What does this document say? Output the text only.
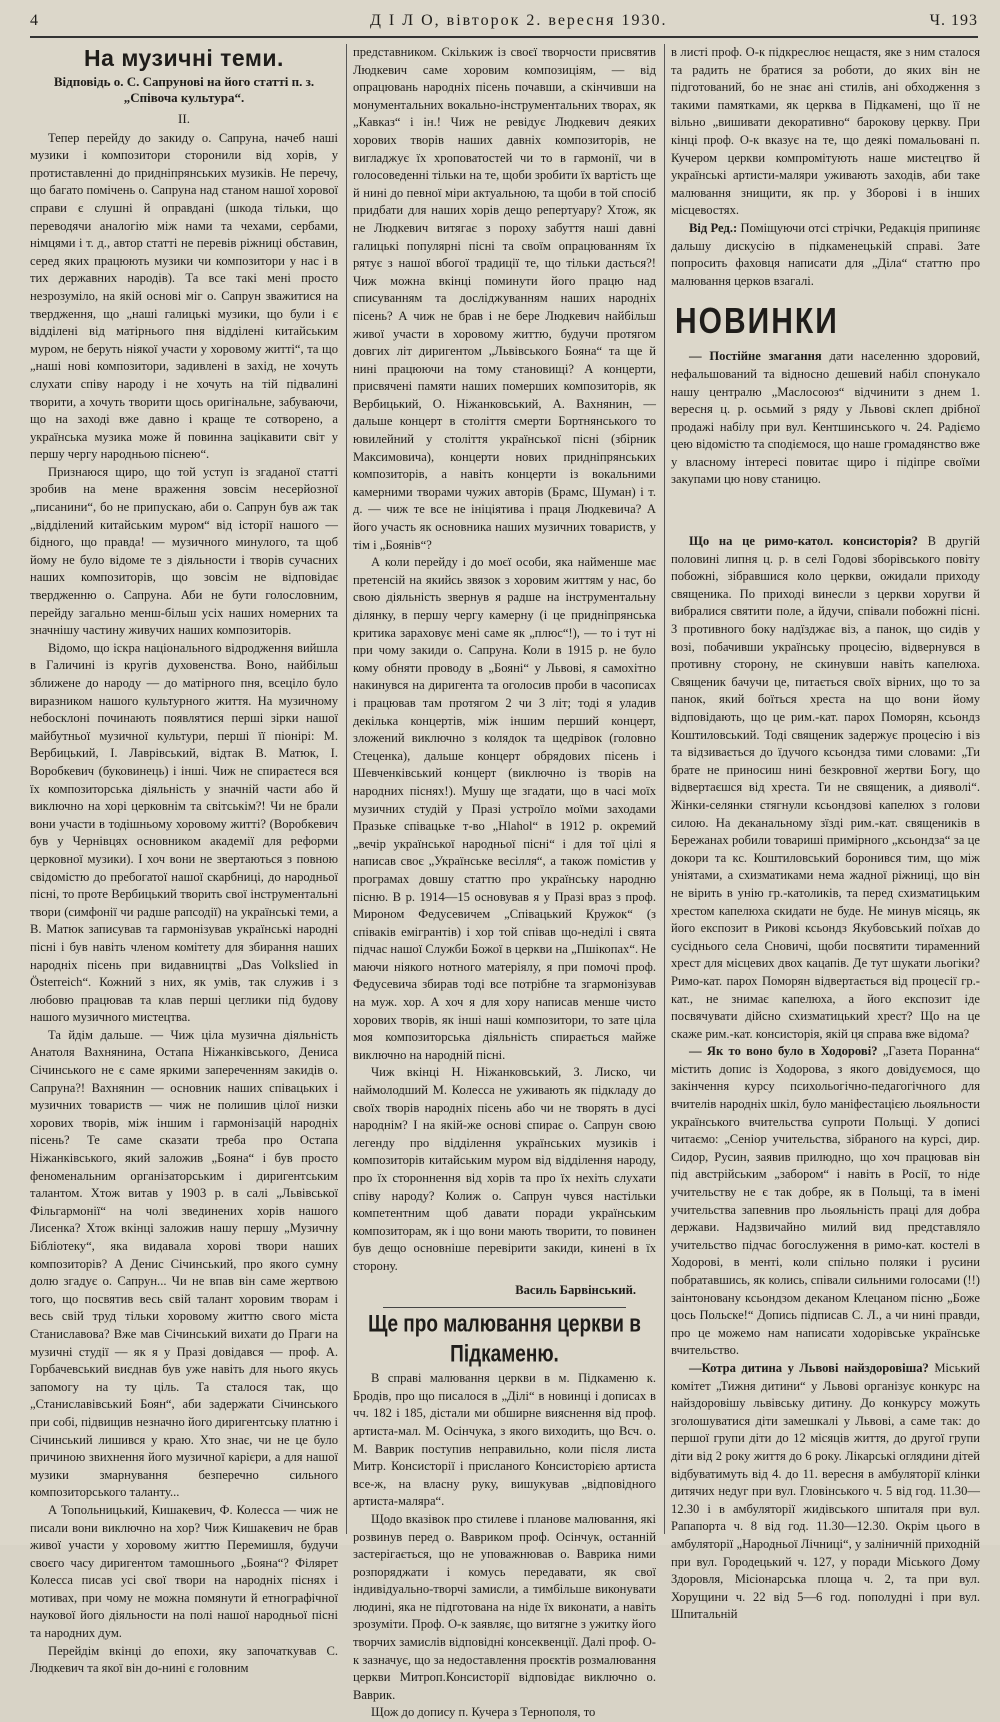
4	Д І Л О, вівторок 2. вересня 1930.	Ч. 193
На музичні теми.

Відповідь о. С. Сапрунові на його статті п. з. „Співоча культура“.

II.

Тепер перейду до закиду о. Сапруна, начеб наші музики і композитори сторонили від хорів, у протиставленні до придніпрянських музиків. Не перечу, що багато помічень о. Сапруна над станом нашої хорової справи є слушні й оправдані (шкода тільки, що переводячи аналогію між нами та чехами, сербами, німцями і т. д., автор статті не перевів ріжниці обставин, серед яких працюють музики чи композитори у нас і в тих державних народів). Та все такі мені просто незрозуміло, на якій основі міг о. Сапрун зважитися на твердження, що „наші галицькі музики, що були і є відділені від матірнього пня відділені китайським муром, не беруть ніякої участи у хоровому житті“, та що „наші нові композитори, задивлені в захід, не хочуть слухати співу народу і не хочуть на тій підвалині творити, а хочуть творити щось оригінальне, забуваючи, що на заході вже давно і краще те сотворено, а українська музика може й повинна зацікавити світ у першу чергу народньою піснею“.

Признаюся щиро, що той уступ із згаданої статті зробив на мене враження зовсім несерйозної „писанини“, бо не припускаю, аби о. Сапрун був аж так „відділений китайським муром“ від історії нашого — бідного, що правда! — музичного минулого, та щоб йому не було відоме те з діяльности і творів сучасних наших композиторів, що зовсім не відповідає твердженню о. Сапруна. Аби не бути голословним, перейду загально менш-більш усіх наших номерних та значнішу частину живучих наших композиторів.

Відомо, що іскра національного відродження вийшла в Галичині із кругів духовенства. Воно, найбільш зближене до народу — до матірного пня, всецілo було виразником нашого культурного життя. На музичному небосклоні починають появлятися перші зірки нашої майбутньої музичної культури, перші її піонірі: М. Вербицький, І. Лаврівський, відтак В. Матюк, І. Воробкевич (буковинець) і інші. Чиж не спираєтеся вся їх композиторська діяльність у значній части або й виключно на хорі церковнім та світськім?! Чи не брали вони участи в тодішньому хоровому житті? (Воробкевич був у Чернівцях основником академії для реформи церковної музики). І хоч вони не звертаються з повною свідомістю до пребогатої нашої скарбниці, до народньої пісні, то проте Вербицький творить свої інструментальні твори (симфонії чи радше рапсодії) на українські теми, а В. Матюк записував та гармонізував українські народні пісні і був навіть членом комітету для збирання наших народніх пісень при видавництві „Das Volkslied in Österreich“. Кожний з них, як умів, так служив і з любовю працював та клав перші цеглики під будову нашого музичного мистецтва.

Та йдім дальше. — Чиж ціла музична діяльність Анатоля Вахнянина, Остапа Ніжанківського, Дениса Січинського не є саме яркими запереченням закидів о. Сапруна?! Вахнянин — основник наших співацьких і музичних товариств — чиж не полишив цілої низки хорових творів, між іншим і гармонізацій народніх пісень? Те саме сказати треба про Остапа Ніжанківського, який заложив „Бояна“ і був просто феноменальним організаторським і диригентським талантом. Хтож витав у 1903 р. в салі „Львівської Фільгармонії“ на чолі звединених хорів нашого Лисенка? Хтож вкінці заложив нашу першу „Музичну Бібліотеку“, яка видавала хорові твори наших композиторів? А Денис Січинський, про якого сумну долю згадує о. Сапрун... Чи не впав він саме жертвою того, що посвятив весь свій талант хоровим творам і весь свій труд тільки хоровому життю свого міста Станиславова? Вже мав Січинський вихати до Праги на музичні студії — як я у Празі довідався — проф. А. Горбачевський виєднав був уже навіть для нього якусь запомогу на ту ціль. Та сталося так, що „Станиславівський Боян“, аби задержати Січинського при собі, підвищив незначно його диригентську платню і Січинський лишився у краю. Хто знає, чи не це було причиною звихнення його музичної карієри, а для нашої музики змарнування безперечно сильного композиторського таланту...

А Топольницький, Кишакевич, Ф. Колесса — чиж не писали вони виключно на хор? Чиж Кишакевич не брав живої участи у хоровому життю Перемишля, будучи своєго часу диригентом тамошнього „Бояна“? Філярет Колесса писав усі свої твори на народніх піснях і мотивах, при чому не можна помянути й етнографічної наукової його діяльности на полі нашої народньої пісні та народних дум.

Перейдім вкінці до епохи, яку започаткував С. Людкевич та якої він до-нині є головним

представником. Скількиж із своєї творчости присвятив Людкевич саме хоровим композиціям, — від опрацювань народніх пісень почавши, а скінчивши на монументальних вокально-інструментальних творах, як „Кавказ“ і ін.! Чиж не ревідує Людкевич деяких хорових творів наших давніх композиторів, не вигладжує їх хроповатостей чи то в гармонії, чи в голосоведенні тільки на те, щоби зробити їх вартість ще й нині до певної міри актуальною, та щоби в той спосіб придбати для наших хорів дещо репертуару? Хтож, як не Людкевич витягає з пороху забуття наші давні галицькі популярні пісні та своїм опрацюванням їх рятує з нашої вбогої традиції те, що тільки дасться?! Чиж можна вкінці поминути його працю над списуванням та досліджуванням наших народніх пісень? А чиж не брав і не бере Людкевич найбільш живої участи в хоровому життю, будучи протягом довгих літ диригентом „Львівського Бояна“ та ще й нині працюючи на тому становищі? А концерти, присвячені памяти наших померших композиторів, як Вербицький, О. Ніжанковський, А. Вахнянин, — дальше концерт в століття смерти Бортнянського то ювилейний у століття української пісні (збірник Максимовича), концерти нових придніпрянських композиторів, а навіть концерти із вокальними камерними творами чужих авторів (Брамс, Шуман) і т. д. — чиж те все не ініціятива і праця Людкевича? А його участь як основника наших музичних товариств, у тім і „Боянів“?

А коли перейду і до моєї особи, яка найменше має претенсій на якийсь звязок з хоровим життям у нас, бо свою діяльність звернув я радше на інструментальну ділянку, в першу чергу камерну (і це придніпрянська критика зараховує мені саме як „плюс“!), — то і тут ні при чому закиди о. Сапруна. Коли в 1915 р. не було кому обняти проводу в „Бояні“ у Львові, я самохітно накинувся на диригента та оголосив проби в часописах і працював там протягом 2 чи 3 літ; тоді я уладив декілька концертів, між іншим перший концерт, зложений виключно з колядок та щедрівок (головно Стеценка), дальше концерт обрядових пісень і Шевченківський концерт (виключно із творів на народних піснях!). Мушу ще згадати, що в часі моїх музичних студій у Празі устроїло моїми заходами Празьке співацьке т-во „Hlahol“ в 1912 р. окремий „вечір української народньої пісні“ і для тої цілі я написав своє „Українське весілля“, а також помістив у програмах довшу статтю про українську народню пісню. В р. 1914—15 основував я у Празі враз з проф. Мироном Федусевичем „Співацький Кружок“ (з співаків емігрантів) і хор той співав що-неділі і свята підчас нашої Служби Божої в церкви на „Пшікопах“. Не маючи ніякого нотного матеріялу, я при помочі проф. Федусевича збирав тоді все потрібне та згармонізував на муж. хор. А хоч я для хору написав менше чисто хорових творів, як інші наші композитори, то зате ціла моя композиторська діяльність спирається майже виключно на народній пісні.

Чиж вкінці Н. Ніжанковський, З. Лиско, чи наймолодший М. Колесса не уживають як підкладу до своїх творів народніх пісень або чи не творять в дусі народнім? І на якій-же основі спирає о. Сапрун свою легенду про відділення українських музиків і композиторів китайським муром від відділення народу, про їх стороннення від хорів та про їх нехіть слухати співу народу? Колиж о. Сапрун чувся настільки компетентним щоб давати поради українським композиторам, як і що вони мають творити, то повинен був дещо основніше перевірити закиди, кинені в їх сторону.

Василь Барвінський.

Ще про малювання церкви в Підкаменю.

В справі малювання церкви в м. Підкаменю к. Бродів, про що писалося в „Ділі“ в новинці і дописах в чч. 182 і 185, дістали ми обширне вияснення від проф. артиста-мал. М. Осінчука, з якого виходить, що Всч. о. М. Ваврик поступив неправильно, коли після листа Митр. Консисторії і присланого Консисторією артиста все-ж, на власну руку, вишукував „відповідного артиста-маляра“.

Щодо вказівок про стилеве і планове малювання, які розвинув перед о. Вавриком проф. Осінчук, останній застерігається, що не уповажнював о. Ваврика ними розпоряджати і комусь передавати, як свої індивідуально-творчі замисли, а тимбільше виконувати людині, яка не підготована на ніде їх виконати, а навіть зрозуміти. Проф. О-к заявляє, що витягне з ужитку його творчих замислів відповідні консеквенції. Далі проф. О-к зазначує, що за недоставлення проєктів розмалювання церкви Митроп.Консисторії відповідає виключно о. Ваврик.

Щож до допису п. Кучера з Тернополя, то

в листі проф. О-к підкреслює нещастя, яке з ним сталося та радить не братися за роботи, до яких він не підготований, бо не знає ані стилів, ані обходження з такими памятками, як церква в Підкамені, що її не вільно „вишивати декоративно“ барокову церкву. При кінці проф. О-к вказує на те, що деякі помальовані п. Кучером церкви компромітують наше мистецтво й українські артисти-маляри уживають заходів, аби таке малювання знищити, як пр. у Зборові і в інших місцевостях.

Від Ред.: Поміщуючи отсі стрічки, Редакція припиняє дальшу дискусію в підкаменецькій справі. Зате попросить фаховця написати для „Діла“ статтю про малювання церков взагалі.

НОВИНКИ

— Постійне змагання дати населенню здоровий, нефальшований та відносно дешевий набіл спонукало нашу централю „Маслосоюз“ відчинити з днем 1. вересня ц. р. осьмий з ряду у Львові склеп дрібної продажі набілу при вул. Кентшинського ч. 24. Радіємо цею відомістю та сподіємося, що наше громадянство вже у власному інтересі повитає щиро і підіпре своїми закупами цю нову станицю.

Що на це римо-катол. консисторія? В другій половині липня ц. р. в селі Годові зборівського повіту побожні, зібравшися коло церкви, ожидали приходу священика. По приході винесли з церкви хоругви й вибралися святити поле, а йдучи, співали побожні пісні. З противного боку надїзджає віз, а панок, що сидів у возі, побачивши українську процесію, відвернувся в противну сторону, не скинувши навіть капелюха. Священик бачучи це, питається своїх вірних, що то за панок, який боїться хреста на що вони йому відповідають, що це рим.-кат. парох Поморян, ксьондз Коштиловський. Тоді священик задержує процесію і віз та відзивається до їдучого ксьондза тими словами: „Ти брате не приносиш нині безкровної жертви Богу, що відвертаєшся від хреста. Ти не священик, а дияволі“. Жінки-селянки стягнули ксьондзові капелюх з голови силою. На деканальному зїзді рим.-кат. священиків в Бережанах робили товариші примірного „ксьондза“ за це докори та кс. Коштиловський боронився тим, що між уніятами, а схизматиками нема жадної ріжниці, що він не вірить в унію гр.-католиків, та перед схизматицьким хрестом капелюха скидати не буде. Не минув місяць, як його експозит в Рикові ксьондз Якубовський поїхав до сусіднього села Сновичі, щоби посвятити тираменний хрест для місцевих двох кацапів. Де тут шукати льогіки? Римо-кат. парох Поморян відвертається від процесії гр.-кат., не знимає капелюха, а його експозит іде посвячувати дійсно схизматицький хрест? Що на це скаже рим.-кат. консисторія, якій ця справа вже відома?

— Як то воно було в Ходорові? „Газета Поранна“ містить допис із Ходорова, з якого довідуємося, що закінчення курсу психольогічно-педагогічного для вчителів народніх шкіл, було маніфестацією льояльности українського вчительства супроти Польщі. У дописі читаємо: „Сеніор учительства, зібраного на курсі, дир. Сидор, Русин, заявив прилюдно, що хоч працював він під австрійським „забором“ і навіть в Росії, то ніде учительству не є так добре, як в Польщі, та в імені учительства запевнив про льояльність праці для добра держави. Надзвичайно милий вид представляло учительство підчас богослуження в римо-кат. костелі в Ходорові, в менті, коли спільно поляки і русини побратавшись, як колись, співали сильними голосами (!!) заінтонованy ксьондзом деканом Клецаном пісню „Боже цось Польске!“ Допись підписав С. Л., а чи нині правди, про це можемо нам написати ходорівське українське вчительство.

—Котра дитина у Львові найздоровіша? Міський комітет „Тижня дитини“ у Львові організує конкурс на найздоровішу львівську дитину. До конкурсу можуть зголошуватися діти замешкалі у Львові, а саме так: до першої групи діти до 12 місяців життя, до другої групи діти від 2 року життя до 6 року. Лікарські оглядини дітей відбуватимуть від 4. до 11. вересня в амбуляторії клінки дитячих недуг при вул. Гловінського ч. 5 від год. 11.30—12.30 і в амбуляторії жидівського шпиталя при вул. Рапапорта ч. 8 від год. 11.30—12.30. Окрім цього в амбуляторії „Народньої Лічниці“, у заліничній приходній при вул. Городецький ч. 127, у поради Міського Дому Здоровля, Місіонарська площа ч. 2, та при вул. Хорущини ч. 22 від 5—6 год. пополудні і при вул. Шпитальній
